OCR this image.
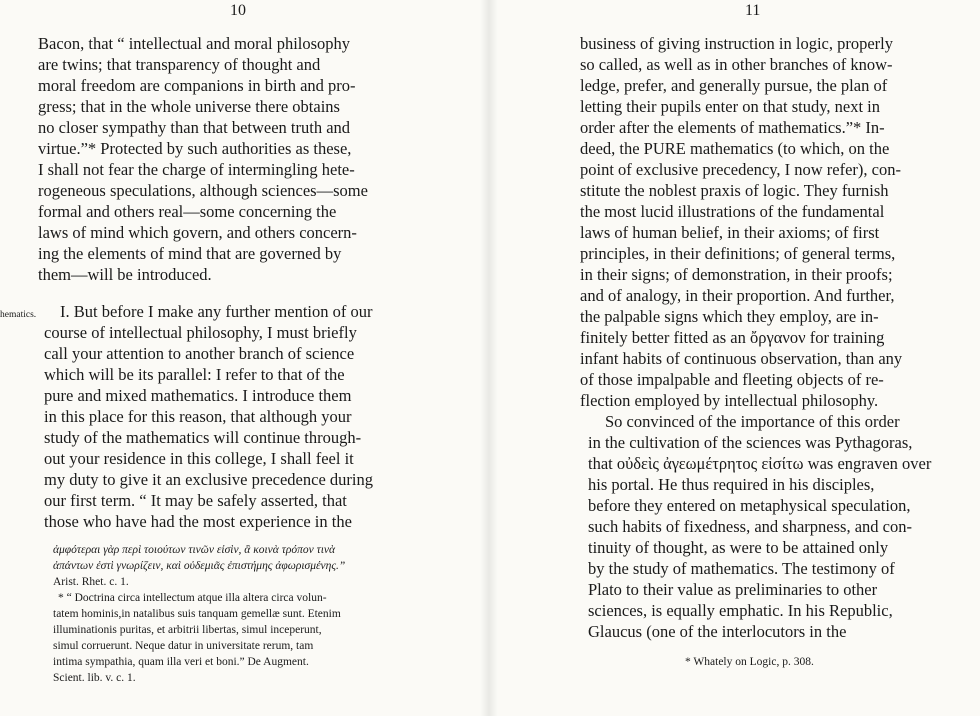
10
hematics.
Bacon, that “ intellectual and moral philosophy
are twins; that transparency of thought and
moral freedom are companions in birth and pro-
gress; that in the whole universe there obtains
no closer sympathy than that between truth and
virtue.”* Protected by such authorities as these,
I shall not fear the charge of intermingling hete-
rogeneous speculations, although sciences—some
formal and others real—some concerning the
laws of mind which govern, and others concern-
ing the elements of mind that are governed by
them—will be introduced.
I. But before I make any further mention of our
course of intellectual philosophy, I must briefly
call your attention to another branch of science
which will be its parallel: I refer to that of the
pure and mixed mathematics. I introduce them
in this place for this reason, that although your
study of the mathematics will continue through-
out your residence in this college, I shall feel it
my duty to give it an exclusive precedence during
our first term. “ It may be safely asserted, that
those who have had the most experience in the
ἀμφότεραι γὰρ περὶ τοιούτων τινῶν εἰσὶν, ἃ κοινὰ τρόπον τινὰ
ἁπάντων ἐστὶ γνωρίζειν, καὶ οὐδεμιᾶς ἐπιστήμης ἀφωρισμένης.”
Arist. Rhet. c. 1.
* “ Doctrina circa intellectum atque illa altera circa volun-
tatem hominis,in natalibus suis tanquam gemellæ sunt. Etenim
illuminationis puritas, et arbitrii libertas, simul inceperunt,
simul corruerunt. Neque datur in universitate rerum, tam
intima sympathia, quam illa veri et boni.” De Augment.
Scient. lib. v. c. 1.
11
business of giving instruction in logic, properly
so called, as well as in other branches of know-
ledge, prefer, and generally pursue, the plan of
letting their pupils enter on that study, next in
order after the elements of mathematics.”* In-
deed, the PURE mathematics (to which, on the
point of exclusive precedency, I now refer), con-
stitute the noblest praxis of logic. They furnish
the most lucid illustrations of the fundamental
laws of human belief, in their axioms; of first
principles, in their definitions; of general terms,
in their signs; of demonstration, in their proofs;
and of analogy, in their proportion. And further,
the palpable signs which they employ, are in-
finitely better fitted as an ὄργανον for training
infant habits of continuous observation, than any
of those impalpable and fleeting objects of re-
flection employed by intellectual philosophy.
So convinced of the importance of this order
in the cultivation of the sciences was Pythagoras,
that οὐδεὶς ἀγεωμέτρητος εἰσίτω was engraven over
his portal. He thus required in his disciples,
before they entered on metaphysical speculation,
such habits of fixedness, and sharpness, and con-
tinuity of thought, as were to be attained only
by the study of mathematics. The testimony of
Plato to their value as preliminaries to other
sciences, is equally emphatic. In his Republic,
Glaucus (one of the interlocutors in the
* Whately on Logic, p. 308.
